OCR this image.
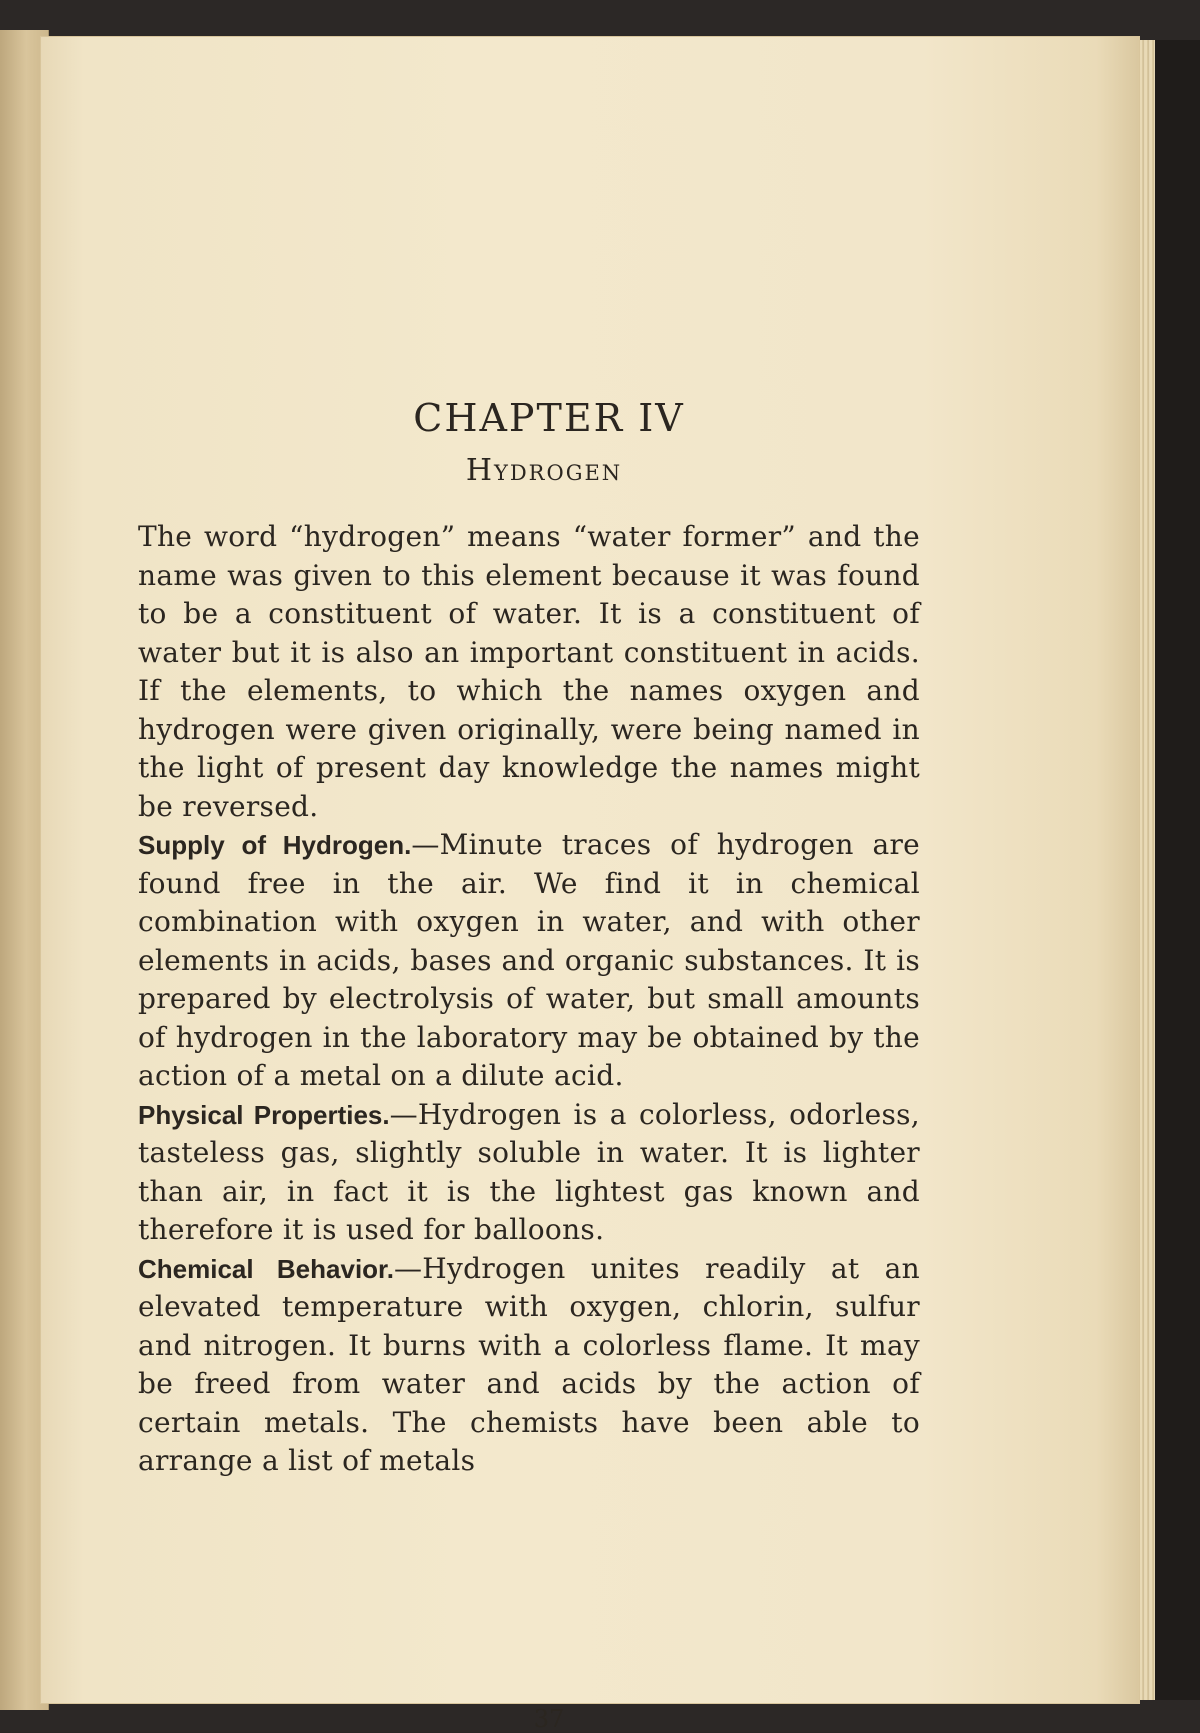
CHAPTER IV
Hydrogen

The word “hydrogen” means “water former” and the name was given to this element because it was found to be a constituent of water. It is a constituent of water but it is also an important constituent in acids. If the elements, to which the names oxygen and hydrogen were given originally, were being named in the light of present day knowledge the names might be reversed.

Supply of Hydrogen.—Minute traces of hydrogen are found free in the air. We find it in chemical combination with oxygen in water, and with other elements in acids, bases and organic substances. It is prepared by electrolysis of water, but small amounts of hydrogen in the laboratory may be obtained by the action of a metal on a dilute acid.

Physical Properties.—Hydrogen is a colorless, odorless, tasteless gas, slightly soluble in water. It is lighter than air, in fact it is the lightest gas known and therefore it is used for balloons.

Chemical Behavior.—Hydrogen unites readily at an elevated temperature with oxygen, chlorin, sulfur and nitrogen. It burns with a colorless flame. It may be freed from water and acids by the action of certain metals. The chemists have been able to arrange a list of metals

37
